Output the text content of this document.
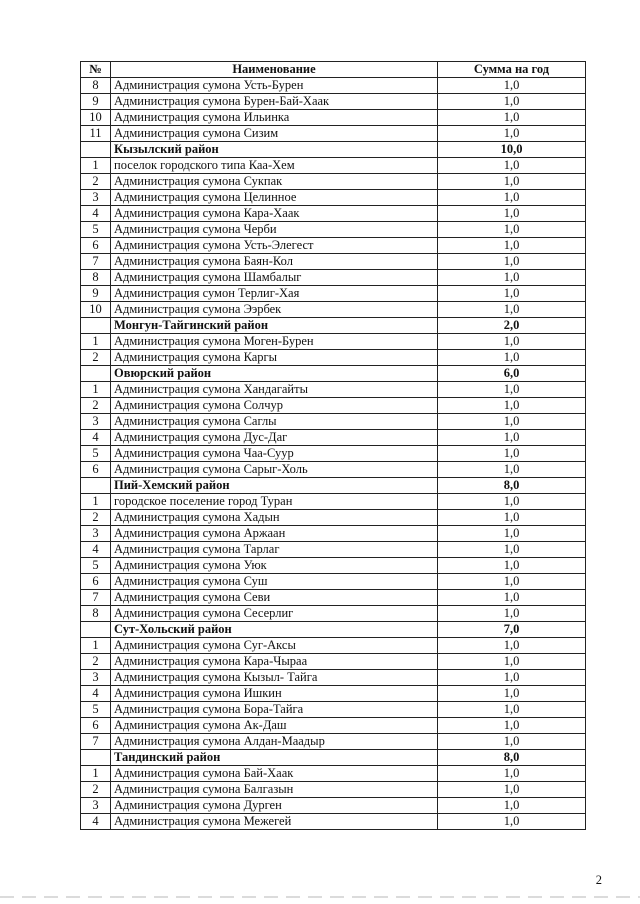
№	Наименование	Сумма на год
8	Администрация сумона Усть-Бурен	1,0
9	Администрация сумона Бурен-Бай-Хаак	1,0
10	Администрация сумона Ильинка	1,0
11	Администрация сумона Сизим	1,0
	Кызылский район	10,0
1	поселок городского типа Каа-Хем	1,0
2	Администрация сумона Сукпак	1,0
3	Администрация сумона Целинное	1,0
4	Администрация сумона Кара-Хаак	1,0
5	Администрация сумона Черби	1,0
6	Администрация сумона Усть-Элегест	1,0
7	Администрация сумона Баян-Кол	1,0
8	Администрация сумона Шамбалыг	1,0
9	Администрация сумон Терлиг-Хая	1,0
10	Администрация сумона Ээрбек	1,0
	Монгун-Тайгинский район	2,0
1	Администрация сумона Моген-Бурен	1,0
2	Администрация сумона Каргы	1,0
	Овюрский район	6,0
1	Администрация сумона Хандагайты	1,0
2	Администрация сумона Солчур	1,0
3	Администрация сумона Саглы	1,0
4	Администрация сумона Дус-Даг	1,0
5	Администрация сумона Чаа-Суур	1,0
6	Администрация сумона Сарыг-Холь	1,0
	Пий-Хемский район	8,0
1	городское поселение город Туран	1,0
2	Администрация сумона Хадын	1,0
3	Администрация сумона Аржаан	1,0
4	Администрация сумона Тарлаг	1,0
5	Администрация сумона Уюк	1,0
6	Администрация сумона Суш	1,0
7	Администрация сумона Севи	1,0
8	Администрация сумона Сесерлиг	1,0
	Сут-Хольский район	7,0
1	Администрация сумона Суг-Аксы	1,0
2	Администрация сумона Кара-Чыраа	1,0
3	Администрация сумона Кызыл- Тайга	1,0
4	Администрация сумона Ишкин	1,0
5	Администрация сумона Бора-Тайга	1,0
6	Администрация сумона Ак-Даш	1,0
7	Администрация сумона Алдан-Маадыр	1,0
	Тандинский район	8,0
1	Администрация сумона Бай-Хаак	1,0
2	Администрация сумона Балгазын	1,0
3	Администрация сумона Дурген	1,0
4	Администрация сумона Межегей	1,0
2
